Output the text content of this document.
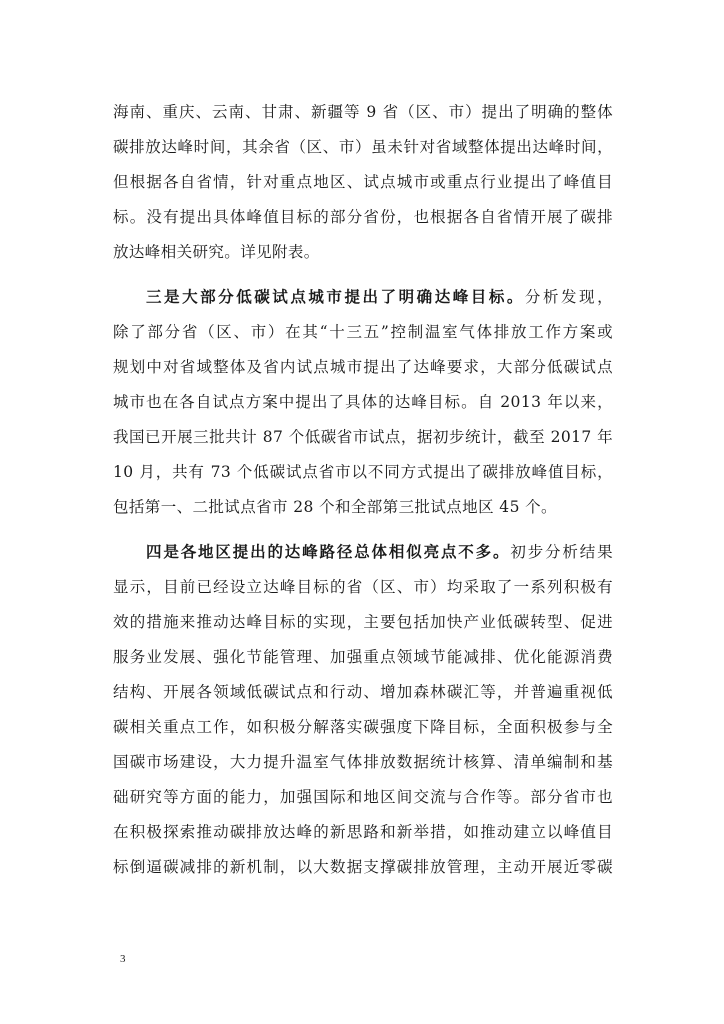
海南、重庆、云南、甘肃、新疆等 9 省（区、市）提出了明确的整体
碳排放达峰时间，其余省（区、市）虽未针对省域整体提出达峰时间，
但根据各自省情，针对重点地区、试点城市或重点行业提出了峰值目
标。没有提出具体峰值目标的部分省份，也根据各自省情开展了碳排
放达峰相关研究。详见附表。
三是大部分低碳试点城市提出了明确达峰目标。分析发现，
除了部分省（区、市）在其“十三五”控制温室气体排放工作方案或
规划中对省域整体及省内试点城市提出了达峰要求，大部分低碳试点
城市也在各自试点方案中提出了具体的达峰目标。自 2013 年以来，
我国已开展三批共计 87 个低碳省市试点，据初步统计，截至 2017 年
10 月，共有 73 个低碳试点省市以不同方式提出了碳排放峰值目标，
包括第一、二批试点省市 28 个和全部第三批试点地区 45 个。
四是各地区提出的达峰路径总体相似亮点不多。初步分析结果
显示，目前已经设立达峰目标的省（区、市）均采取了一系列积极有
效的措施来推动达峰目标的实现，主要包括加快产业低碳转型、促进
服务业发展、强化节能管理、加强重点领域节能减排、优化能源消费
结构、开展各领域低碳试点和行动、增加森林碳汇等，并普遍重视低
碳相关重点工作，如积极分解落实碳强度下降目标，全面积极参与全
国碳市场建设，大力提升温室气体排放数据统计核算、清单编制和基
础研究等方面的能力，加强国际和地区间交流与合作等。部分省市也
在积极探索推动碳排放达峰的新思路和新举措，如推动建立以峰值目
标倒逼碳减排的新机制，以大数据支撑碳排放管理，主动开展近零碳
3
